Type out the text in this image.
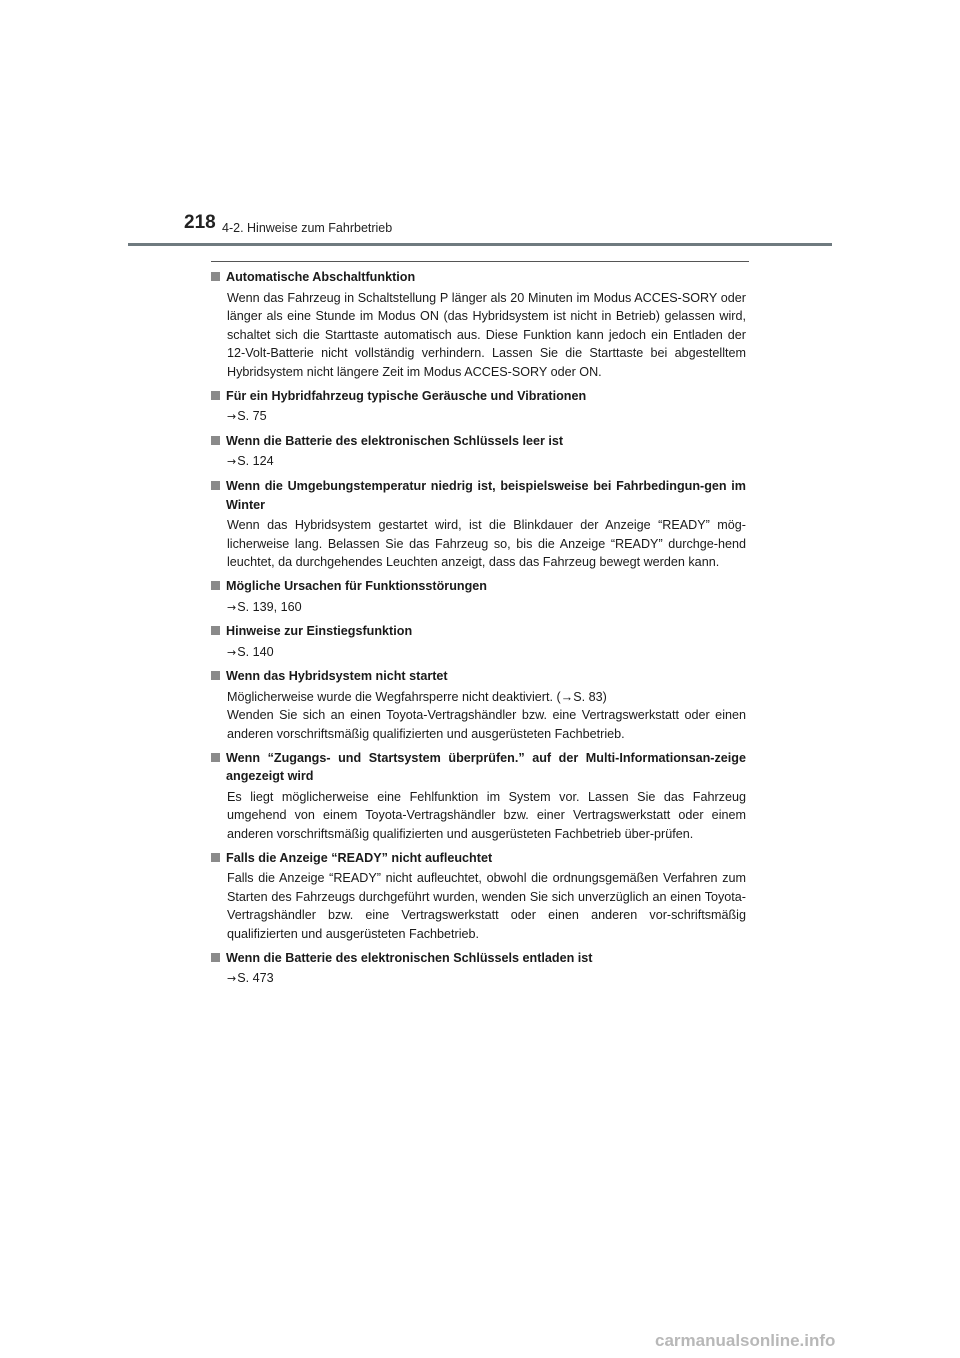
218 4-2. Hinweise zum Fahrbetrieb
Automatische Abschaltfunktion

Wenn das Fahrzeug in Schaltstellung P länger als 20 Minuten im Modus ACCES-SORY oder länger als eine Stunde im Modus ON (das Hybridsystem ist nicht in Betrieb) gelassen wird, schaltet sich die Starttaste automatisch aus. Diese Funktion kann jedoch ein Entladen der 12-Volt-Batterie nicht vollständig verhindern. Lassen Sie die Starttaste bei abgestelltem Hybridsystem nicht längere Zeit im Modus ACCES-SORY oder ON.

Für ein Hybridfahrzeug typische Geräusche und Vibrationen
→S. 75
Wenn die Batterie des elektronischen Schlüssels leer ist
→S. 124
Wenn die Umgebungstemperatur niedrig ist, beispielsweise bei Fahrbedingun-gen im Winter

Wenn das Hybridsystem gestartet wird, ist die Blinkdauer der Anzeige “READY” mög-licherweise lang. Belassen Sie das Fahrzeug so, bis die Anzeige “READY” durchge-hend leuchtet, da durchgehendes Leuchten anzeigt, dass das Fahrzeug bewegt werden kann.

Mögliche Ursachen für Funktionsstörungen
→S. 139, 160
Hinweise zur Einstiegsfunktion
→S. 140
Wenn das Hybridsystem nicht startet

Möglicherweise wurde die Wegfahrsperre nicht deaktiviert. (→S. 83)

Wenden Sie sich an einen Toyota-Vertragshändler bzw. eine Vertragswerkstatt oder einen anderen vorschriftsmäßig qualifizierten und ausgerüsteten Fachbetrieb.

Wenn “Zugangs- und Startsystem überprüfen.” auf der Multi-Informationsan-zeige angezeigt wird

Es liegt möglicherweise eine Fehlfunktion im System vor. Lassen Sie das Fahrzeug umgehend von einem Toyota-Vertragshändler bzw. einer Vertragswerkstatt oder einem anderen vorschriftsmäßig qualifizierten und ausgerüsteten Fachbetrieb über-prüfen.

Falls die Anzeige “READY” nicht aufleuchtet

Falls die Anzeige “READY” nicht aufleuchtet, obwohl die ordnungsgemäßen Verfahren zum Starten des Fahrzeugs durchgeführt wurden, wenden Sie sich unverzüglich an einen Toyota-Vertragshändler bzw. eine Vertragswerkstatt oder einen anderen vor-schriftsmäßig qualifizierten und ausgerüsteten Fachbetrieb.

Wenn die Batterie des elektronischen Schlüssels entladen ist
→S. 473
carmanualsonline.info
